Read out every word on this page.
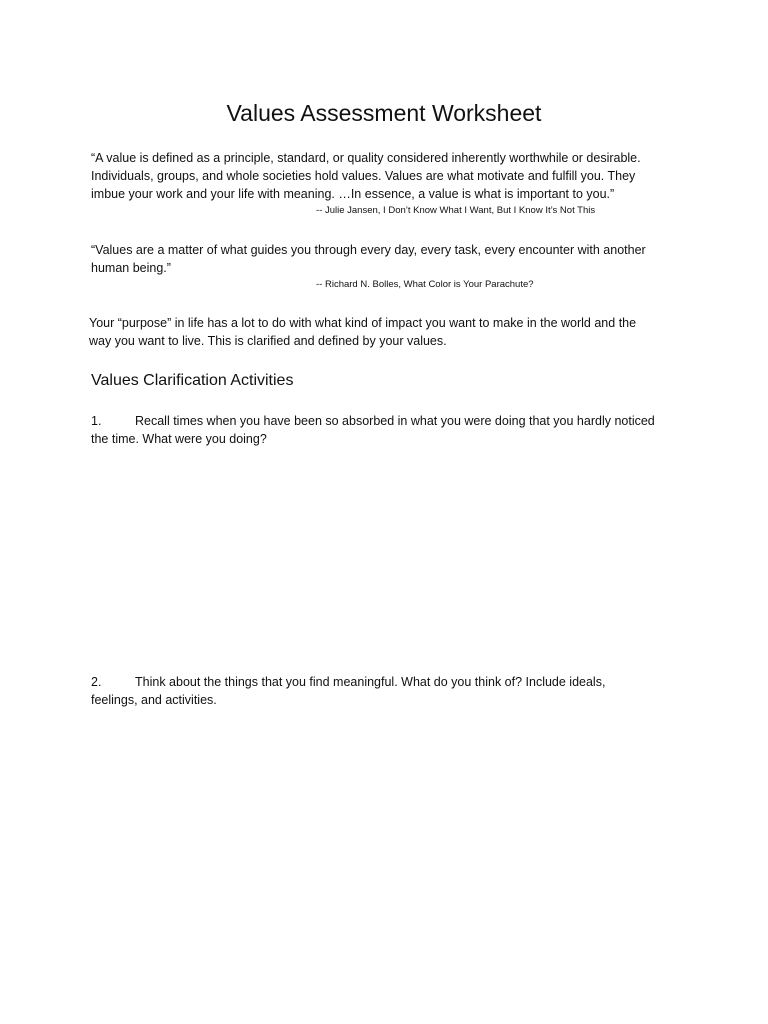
Values Assessment Worksheet
“A value is defined as a principle, standard, or quality considered inherently worthwhile or desirable.
Individuals, groups, and whole societies hold values. Values are what motivate and fulfill you. They
imbue your work and your life with meaning. …In essence, a value is what is important to you.”
-- Julie Jansen, I Don’t Know What I Want, But I Know It’s Not This
“Values are a matter of what guides you through every day, every task, every encounter with another
human being.”
-- Richard N. Bolles, What Color is Your Parachute?
Your “purpose” in life has a lot to do with what kind of impact you want to make in the world and the
way you want to live. This is clarified and defined by your values.
Values Clarification Activities
1.	Recall times when you have been so absorbed in what you were doing that you hardly noticed
the time. What were you doing?
2.	Think about the things that you find meaningful. What do you think of? Include ideals,
feelings, and activities.
